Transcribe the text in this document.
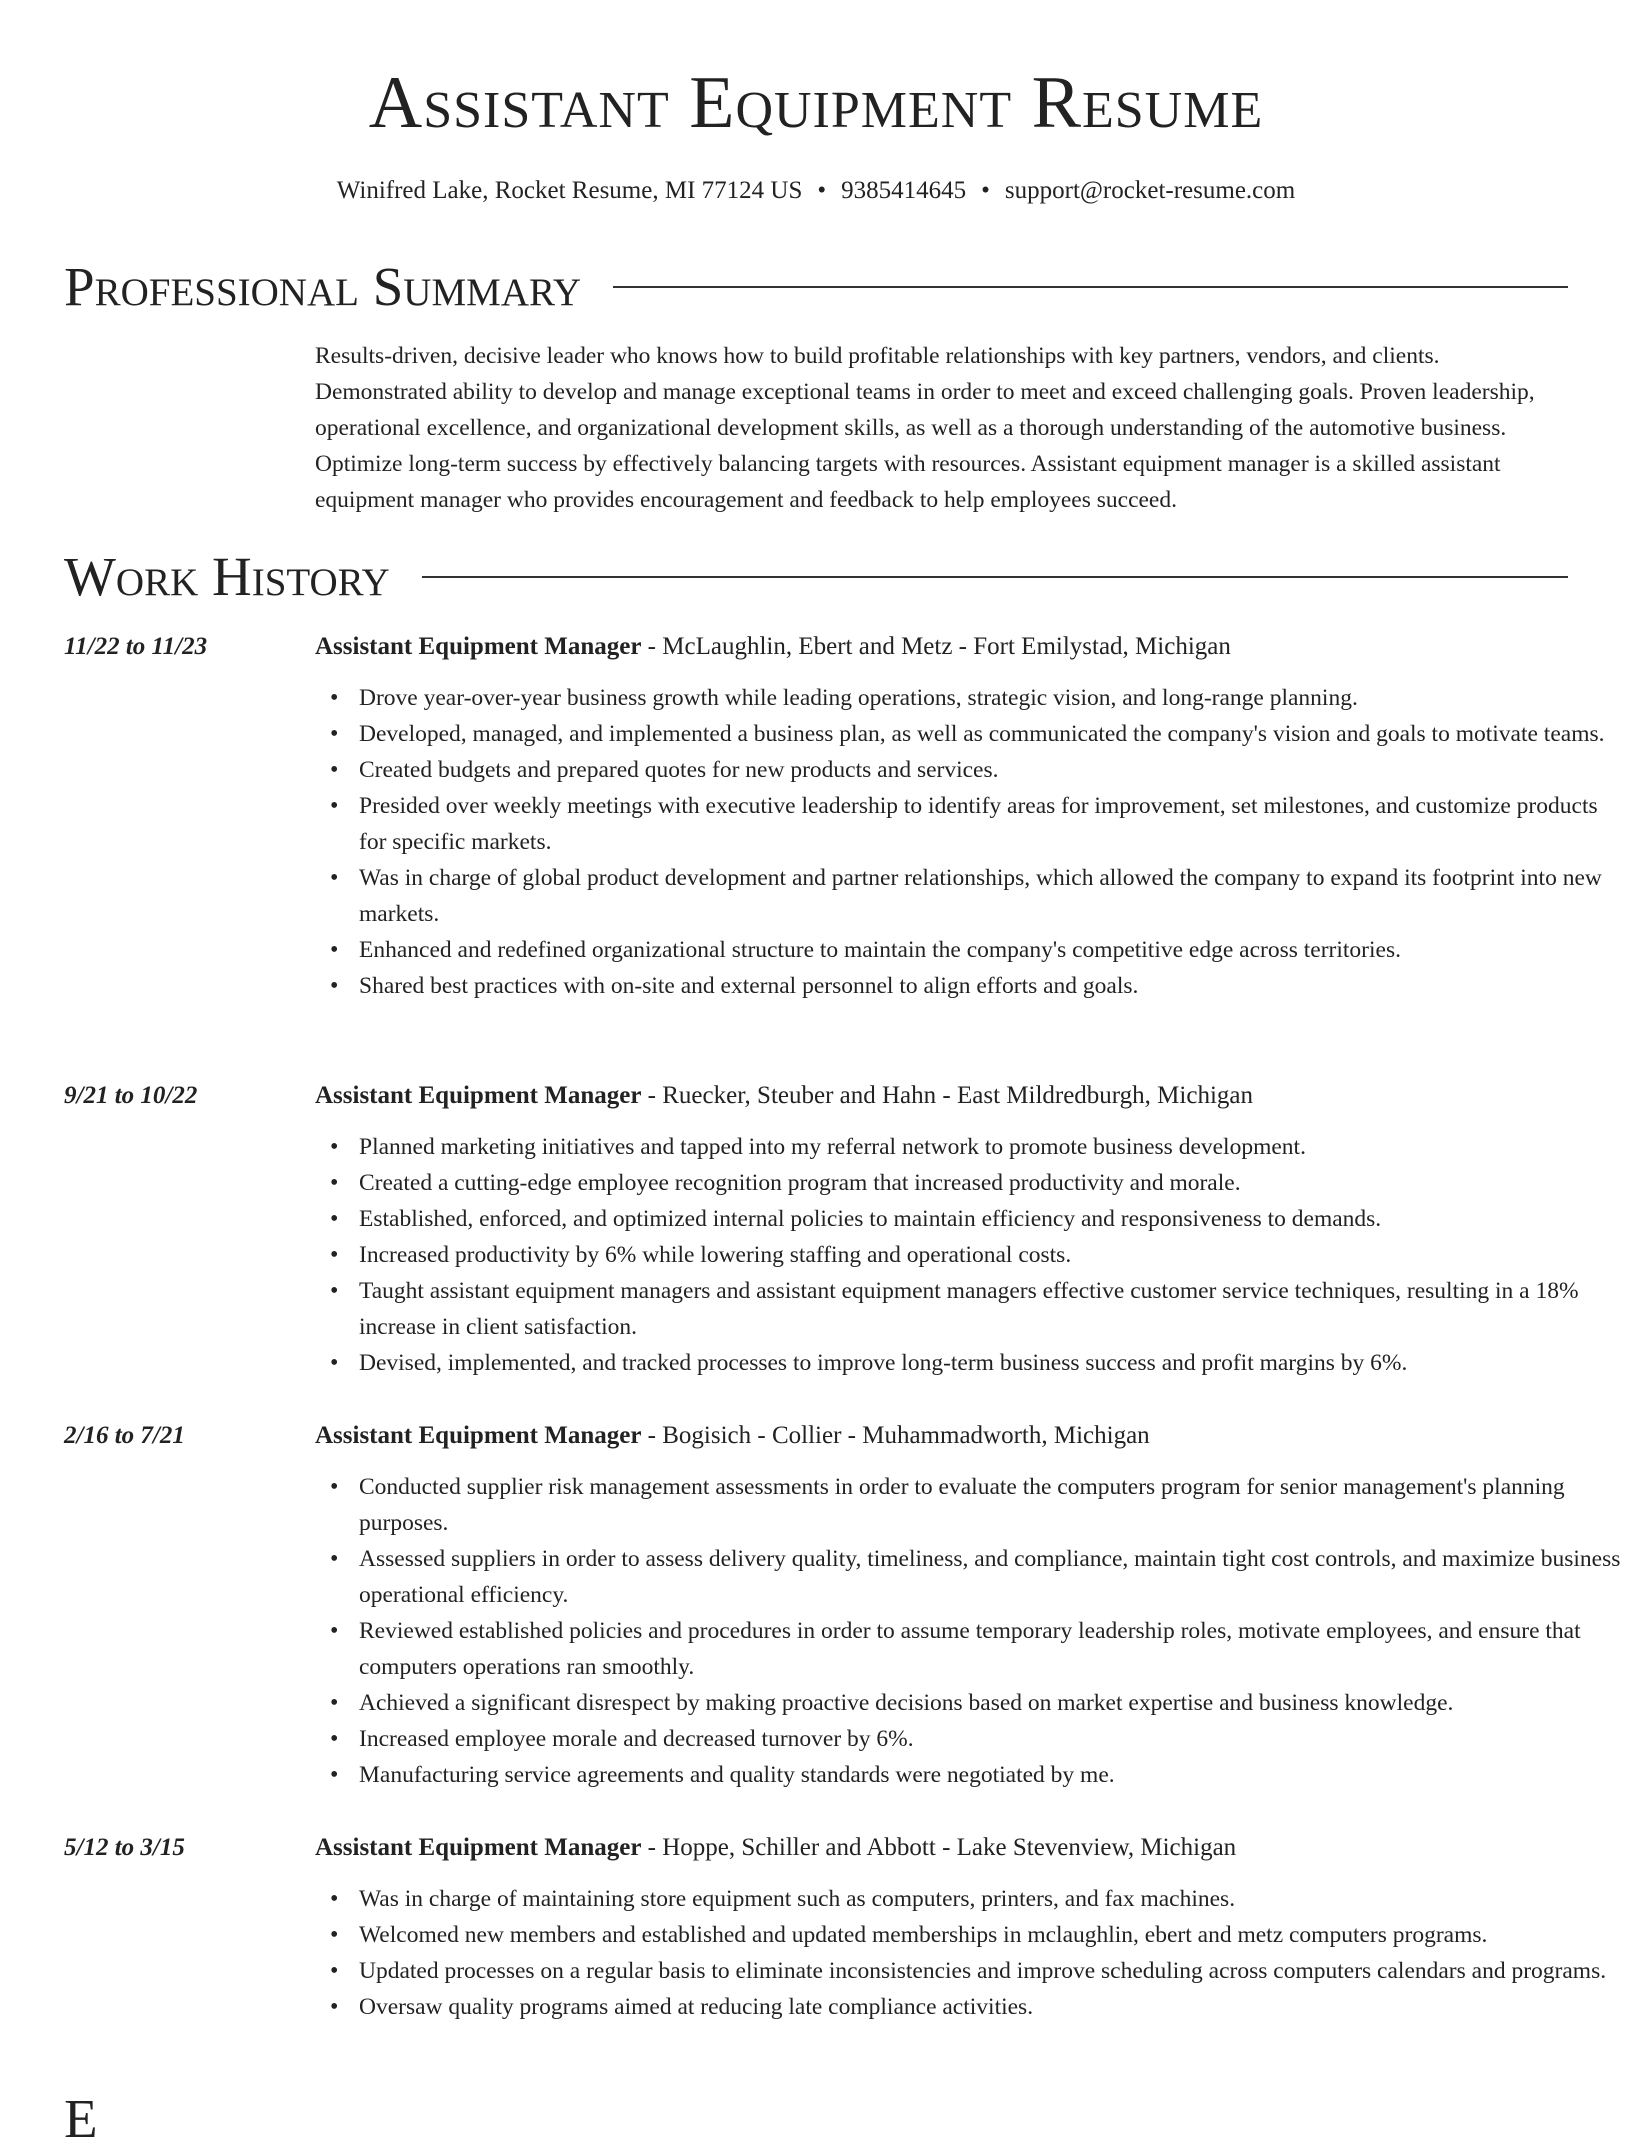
Assistant Equipment Resume
Winifred Lake, Rocket Resume, MI 77124 US • 9385414645 • support@rocket-resume.com
Professional Summary
Results-driven, decisive leader who knows how to build profitable relationships with key partners, vendors, and clients. Demonstrated ability to develop and manage exceptional teams in order to meet and exceed challenging goals. Proven leadership, operational excellence, and organizational development skills, as well as a thorough understanding of the automotive business. Optimize long-term success by effectively balancing targets with resources. Assistant equipment manager is a skilled assistant equipment manager who provides encouragement and feedback to help employees succeed.
Work History
11/22 to 11/23	Assistant Equipment Manager - McLaughlin, Ebert and Metz - Fort Emilystad, Michigan
• Drove year-over-year business growth while leading operations, strategic vision, and long-range planning.
• Developed, managed, and implemented a business plan, as well as communicated the company's vision and goals to motivate teams.
• Created budgets and prepared quotes for new products and services.
• Presided over weekly meetings with executive leadership to identify areas for improvement, set milestones, and customize products for specific markets.
• Was in charge of global product development and partner relationships, which allowed the company to expand its footprint into new markets.
• Enhanced and redefined organizational structure to maintain the company's competitive edge across territories.
• Shared best practices with on-site and external personnel to align efforts and goals.
9/21 to 10/22	Assistant Equipment Manager - Ruecker, Steuber and Hahn - East Mildredburgh, Michigan
• Planned marketing initiatives and tapped into my referral network to promote business development.
• Created a cutting-edge employee recognition program that increased productivity and morale.
• Established, enforced, and optimized internal policies to maintain efficiency and responsiveness to demands.
• Increased productivity by 6% while lowering staffing and operational costs.
• Taught assistant equipment managers and assistant equipment managers effective customer service techniques, resulting in a 18% increase in client satisfaction.
• Devised, implemented, and tracked processes to improve long-term business success and profit margins by 6%.
2/16 to 7/21	Assistant Equipment Manager - Bogisich - Collier - Muhammadworth, Michigan
• Conducted supplier risk management assessments in order to evaluate the computers program for senior management's planning purposes.
• Assessed suppliers in order to assess delivery quality, timeliness, and compliance, maintain tight cost controls, and maximize business operational efficiency.
• Reviewed established policies and procedures in order to assume temporary leadership roles, motivate employees, and ensure that computers operations ran smoothly.
• Achieved a significant disrespect by making proactive decisions based on market expertise and business knowledge.
• Increased employee morale and decreased turnover by 6%.
• Manufacturing service agreements and quality standards were negotiated by me.
5/12 to 3/15	Assistant Equipment Manager - Hoppe, Schiller and Abbott - Lake Stevenview, Michigan
• Was in charge of maintaining store equipment such as computers, printers, and fax machines.
• Welcomed new members and established and updated memberships in mclaughlin, ebert and metz computers programs.
• Updated processes on a regular basis to eliminate inconsistencies and improve scheduling across computers calendars and programs.
• Oversaw quality programs aimed at reducing late compliance activities.
E
